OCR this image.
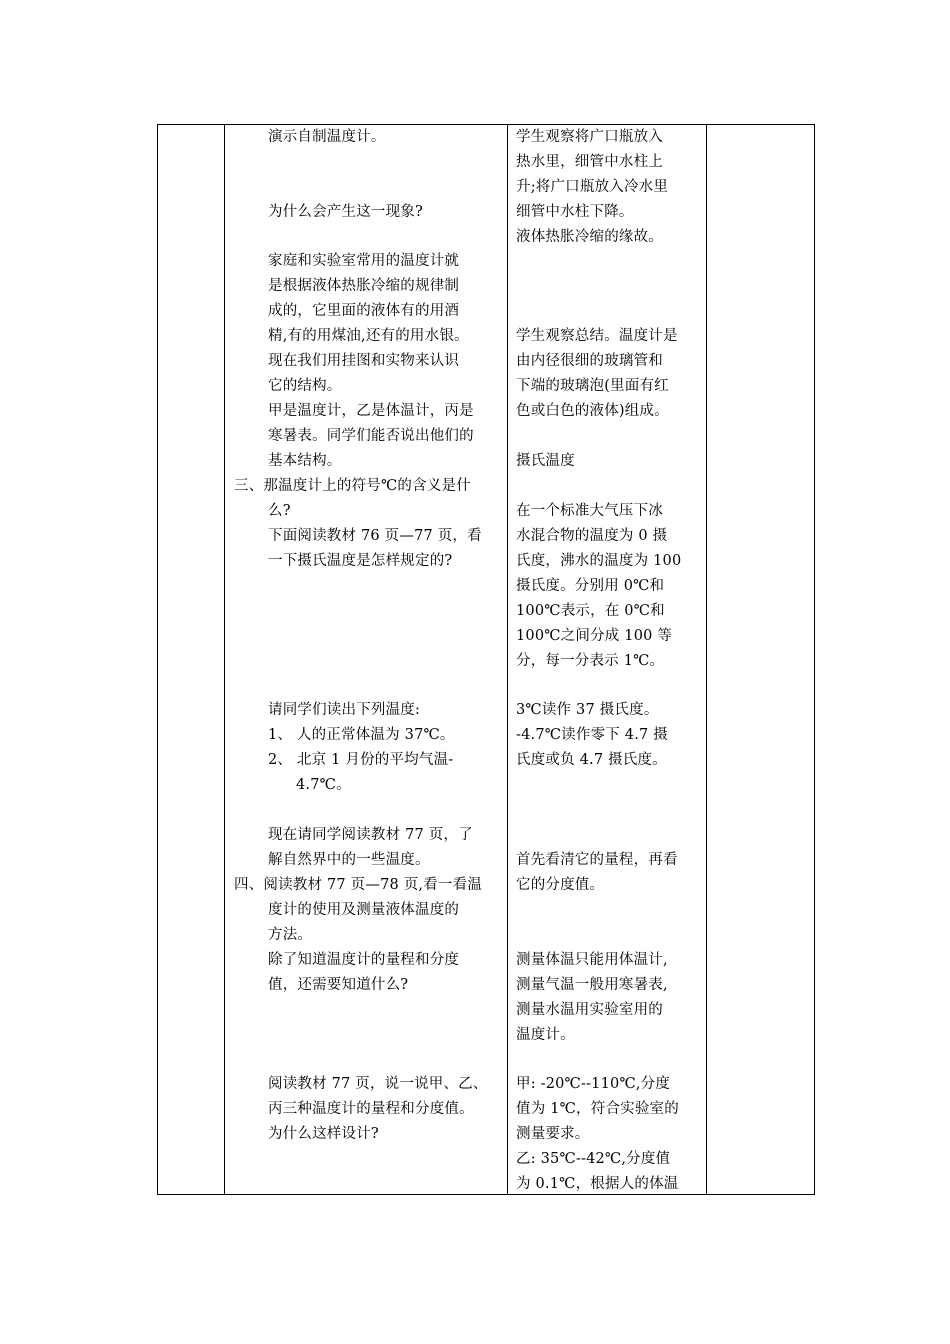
演示自制温度计。
为什么会产生这一现象?
家庭和实验室常用的温度计就
是根据液体热胀冷缩的规律制
成的，它里面的液体有的用酒
精,有的用煤油,还有的用水银。
现在我们用挂图和实物来认识
它的结构。
甲是温度计，乙是体温计，丙是
寒暑表。同学们能否说出他们的
基本结构。
三、那温度计上的符号℃的含义是什
么?
下面阅读教材 76 页—77 页，看
一下摄氏温度是怎样规定的?
请同学们读出下列温度:
1、 人的正常体温为 37℃。
2、 北京 1 月份的平均气温-
4.7℃。
现在请同学阅读教材 77 页，了
解自然界中的一些温度。
四、阅读教材 77 页—78 页,看一看温
度计的使用及测量液体温度的
方法。
除了知道温度计的量程和分度
值，还需要知道什么?
阅读教材 77 页，说一说甲、乙、
丙三种温度计的量程和分度值。
为什么这样设计?
学生观察将广口瓶放入
热水里，细管中水柱上
升;将广口瓶放入冷水里
细管中水柱下降。
液体热胀冷缩的缘故。
学生观察总结。温度计是
由内径很细的玻璃管和
下端的玻璃泡(里面有红
色或白色的液体)组成。
摄氏温度
在一个标准大气压下冰
水混合物的温度为 0 摄
氏度，沸水的温度为 100
摄氏度。分别用 0℃和
100℃表示，在 0℃和
100℃之间分成 100 等
分，每一分表示 1℃。
3℃读作 37 摄氏度。
-4.7℃读作零下 4.7 摄
氏度或负 4.7 摄氏度。
首先看清它的量程，再看
它的分度值。
测量体温只能用体温计,
测量气温一般用寒暑表,
测量水温用实验室用的
温度计。
甲: -20℃--110℃,分度
值为 1℃，符合实验室的
测量要求。
乙: 35℃--42℃,分度值
为 0.1℃，根据人的体温
